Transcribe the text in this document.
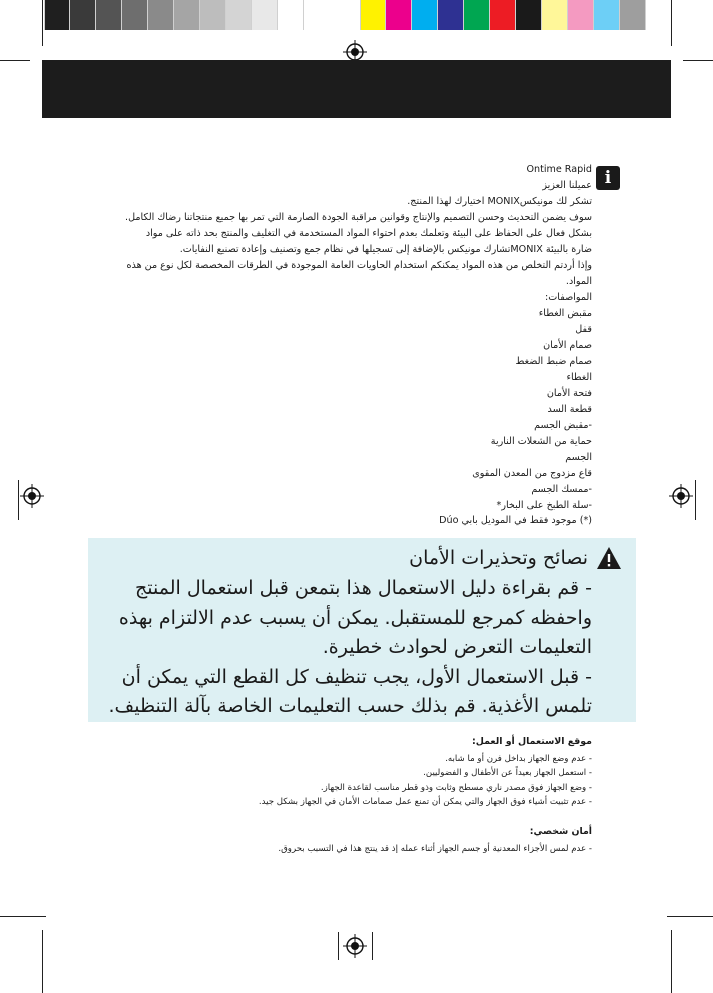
i
Ontime Rapid
عميلنا العزيز
تشكر لك مونيكسMONIX اختيارك لهذا المنتج.
سوف يضمن التحديث وحسن التصميم والإنتاج وقوانين مراقبة الجودة الصارمة التي تمر بها جميع منتجاتنا رضاك الكامل.
بشكل فعال على الحفاظ على البيئة وتعلمك بعدم احتواء المواد المستخدمة في التغليف والمنتج بحد ذاته على مواد
ضارة بالبيئة MONIXتشارك مونيكس بالإضافة إلى تسجيلها في نظام جمع وتصنيف وإعادة تصنيع النفايات.
وإذا أردتم التخلص من هذه المواد يمكنكم استخدام الحاويات العامة الموجودة في الطرقات المخصصة لكل نوع من هذه
المواد.
المواصفات:
مقبض الغطاء
قفل
صمام الأمان
صمام ضبط الضغط
الغطاء
فتحة الأمان
قطعة السد
-مقبض الجسم
حماية من الشعلات النارية
الجسم
قاع مزدوج من المعدن المقوى
-ممسك الجسم
-سلة الطبخ على البخار*
(*) موجود فقط في الموديل بابي Dúo
نصائح وتحذيرات الأمان
- قم بقراءة دليل الاستعمال هذا بتمعن قبل استعمال المنتج
واحفظه كمرجع للمستقبل. يمكن أن يسبب عدم الالتزام بهذه
التعليمات التعرض لحوادث خطيرة.
- قبل الاستعمال الأول، يجب تنظيف كل القطع التي يمكن أن
تلمس الأغذية. قم بذلك حسب التعليمات الخاصة بآلة التنظيف.
موقع الاستعمال أو العمل:
- عدم وضع الجهاز بداخل فرن أو ما شابه.
- استعمل الجهاز بعيداً عن الأطفال و الفضوليين.
- وضع الجهاز فوق مصدر ناري مسطح وثابت وذو قطر مناسب لقاعدة الجهاز.
- عدم تثبيت أشياء فوق الجهاز والتي يمكن أن تمنع عمل صمامات الأمان في الجهاز بشكل جيد.
أمان شخصي:
- عدم لمس الأجزاء المعدنية أو جسم الجهاز أثناء عمله إذ قد ينتج هذا في التسبب بحروق.
